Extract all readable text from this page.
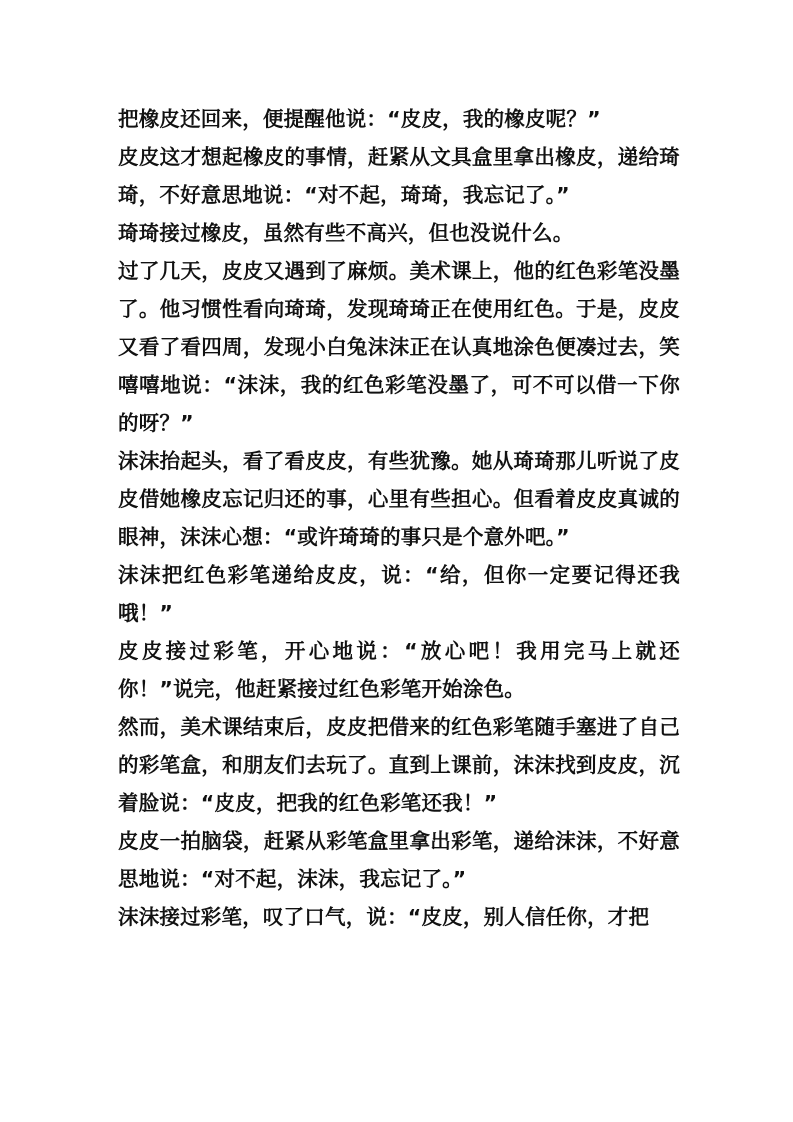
把橡皮还回来，便提醒他说：“皮皮，我的橡皮呢？”

皮皮这才想起橡皮的事情，赶紧从文具盒里拿出橡皮，递给琦琦，不好意思地说：“对不起，琦琦，我忘记了。”

琦琦接过橡皮，虽然有些不高兴，但也没说什么。

过了几天，皮皮又遇到了麻烦。美术课上，他的红色彩笔没墨了。他习惯性看向琦琦，发现琦琦正在使用红色。于是，皮皮又看了看四周，发现小白兔沫沫正在认真地涂色便凑过去，笑嘻嘻地说：“沫沫，我的红色彩笔没墨了，可不可以借一下你的呀？”

沫沫抬起头，看了看皮皮，有些犹豫。她从琦琦那儿听说了皮皮借她橡皮忘记归还的事，心里有些担心。但看着皮皮真诚的眼神，沫沫心想：“或许琦琦的事只是个意外吧。”

沫沫把红色彩笔递给皮皮，说：“给，但你一定要记得还我哦！”

皮皮接过彩笔，开心地说：“放心吧！我用完马上就还你！”说完，他赶紧接过红色彩笔开始涂色。

然而，美术课结束后，皮皮把借来的红色彩笔随手塞进了自己的彩笔盒，和朋友们去玩了。直到上课前，沫沫找到皮皮，沉着脸说：“皮皮，把我的红色彩笔还我！”

皮皮一拍脑袋，赶紧从彩笔盒里拿出彩笔，递给沫沫，不好意思地说：“对不起，沫沫，我忘记了。”

沫沫接过彩笔，叹了口气，说：“皮皮，别人信任你，才把
